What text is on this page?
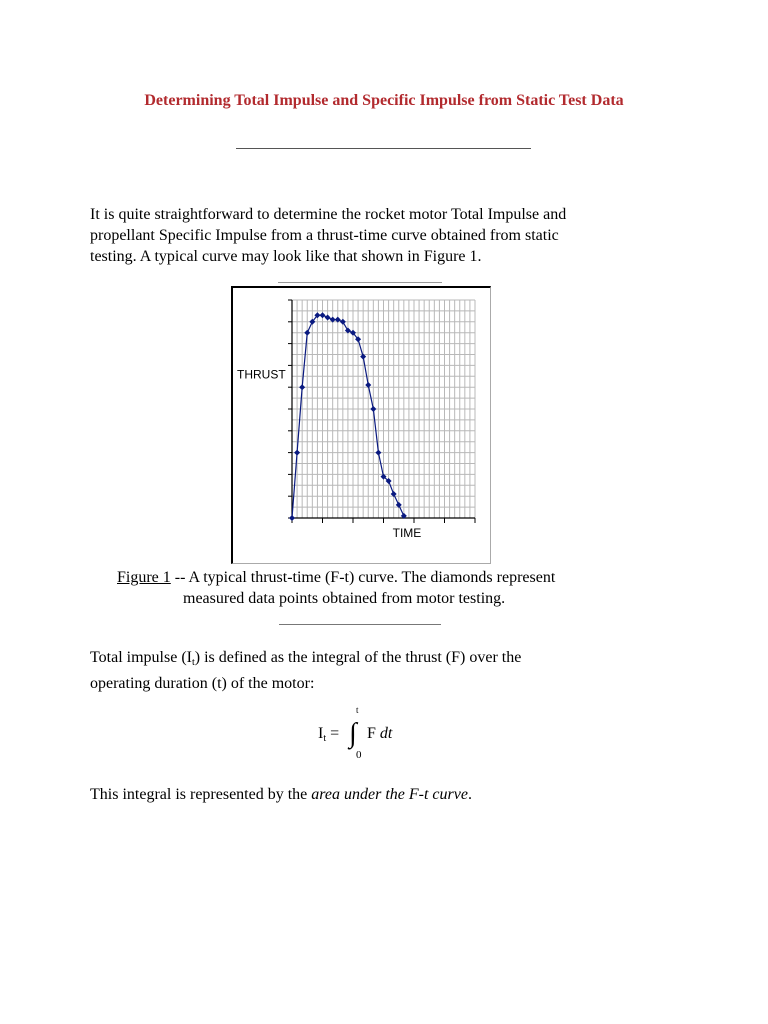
Determining Total Impulse and Specific Impulse from Static Test Data
It is quite straightforward to determine the rocket motor Total Impulse and
propellant Specific Impulse from a thrust-time curve obtained from static
testing. A typical curve may look like that shown in Figure 1.
THRUST
TIME
Figure 1 -- A typical thrust-time (F-t) curve. The diamonds represent
measured data points obtained from motor testing.
Total impulse $(I_t)$ is defined as the integral of the thrust (F) over the
operating duration (t) of the motor:
$I_t$ =
t
∫
0
F dt
This integral is represented by the area under the F-t curve.
